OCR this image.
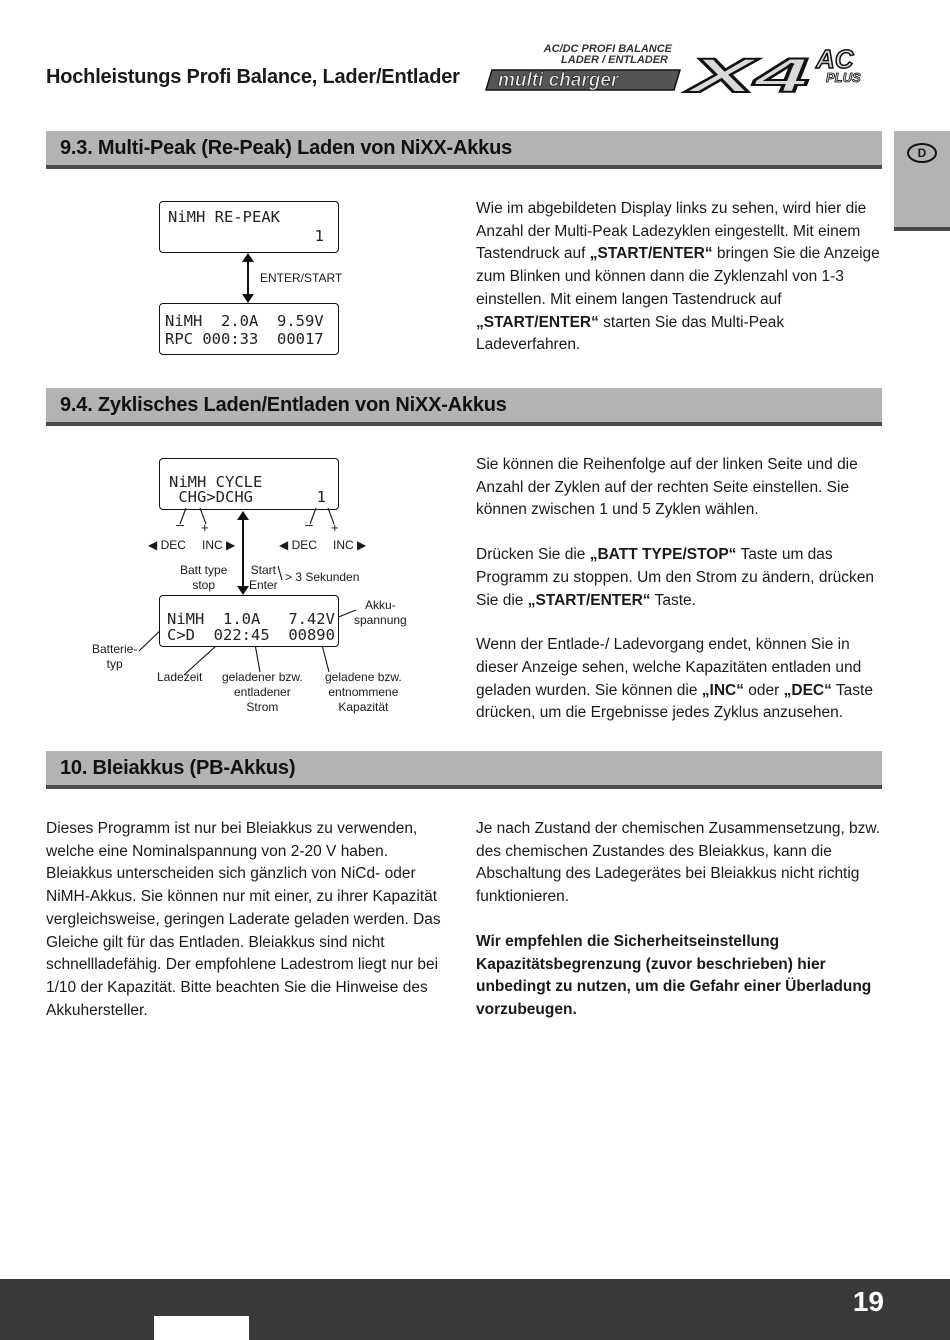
Hochleistungs Profi Balance, Lader/Entlader
AC/DC PROFI BALANCE
LADER / ENTLADER
multi charger X4 AC
PLUS
D
9.3. Multi-Peak (Re-Peak) Laden von NiXX-Akkus
NiMH RE-PEAK
1
ENTER/START
NiMH  2.0A  9.59V
RPC 000:33  00017

Wie im abgebildeten Display links zu sehen, wird hier die Anzahl der Multi-Peak Ladezyklen eingestellt. Mit einem Tastendruck auf „START/ENTER“ bringen Sie die Anzeige zum Blinken und können dann die Zyklenzahl von 1-3 einstellen. Mit einem langen Tastendruck auf „START/ENTER“ starten Sie das Multi-Peak Ladeverfahren.

9.4. Zyklisches Laden/Entladen von NiXX-Akkus
NiMH CYCLE
CHG>DCHG	1
– +	– +
◀ DEC INC ▶	◀ DEC INC ▶
Batt type
stop
Start
Enter
> 3 Sekunden
NiMH  1.0A   7.42V
C>D  022:45  00890
Akku-
spannung
Batterie-
typ
Ladezeit geladener bzw.
entladener
Strom
geladene bzw.
entnommene
Kapazität

Sie können die Reihenfolge auf der linken Seite und die Anzahl der Zyklen auf der rechten Seite einstellen. Sie können zwischen 1 und 5 Zyklen wählen.

Drücken Sie die „BATT TYPE/STOP“ Taste um das Programm zu stoppen. Um den Strom zu ändern, drücken Sie die „START/ENTER“ Taste.

Wenn der Entlade-/ Ladevorgang endet, können Sie in dieser Anzeige sehen, welche Kapazitäten entladen und geladen wurden. Sie können die „INC“ oder „DEC“ Taste drücken, um die Ergebnisse jedes Zyklus anzusehen.

10. Bleiakkus (PB-Akkus)

Dieses Programm ist nur bei Bleiakkus zu verwenden, welche eine Nominalspannung von 2-20 V haben. Bleiakkus unterscheiden sich gänzlich von NiCd- oder NiMH-Akkus. Sie können nur mit einer, zu ihrer Kapazität vergleichsweise, geringen Laderate geladen werden. Das Gleiche gilt für das Entladen. Bleiakkus sind nicht schnellladefähig. Der empfohlene Ladestrom liegt nur bei 1/10 der Kapazität. Bitte beachten Sie die Hinweise des Akkuhersteller.

Je nach Zustand der chemischen Zusammensetzung, bzw. des chemischen Zustandes des Bleiakkus, kann die Abschaltung des Ladegerätes bei Bleiakkus nicht richtig funktionieren.

Wir empfehlen die Sicherheitseinstellung Kapazitätsbegrenzung (zuvor beschrieben) hier unbedingt zu nutzen, um die Gefahr einer Überladung vorzubeugen.

19
